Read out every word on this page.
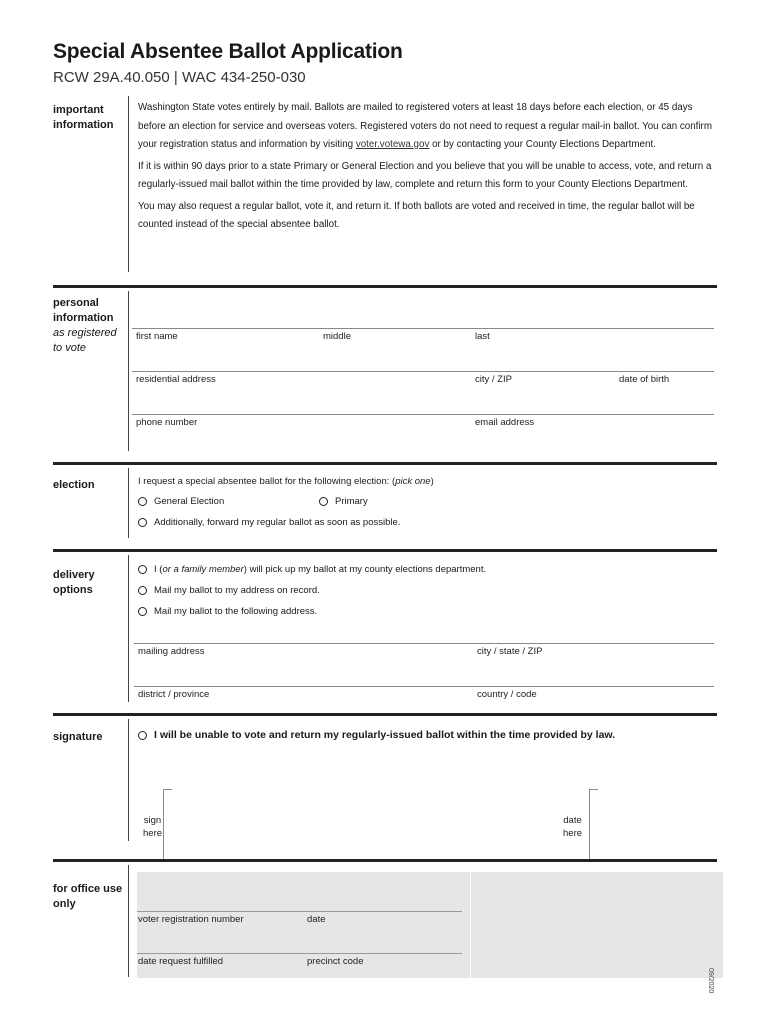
Special Absentee Ballot Application
RCW 29A.40.050 | WAC 434-250-030
important
information

Washington State votes entirely by mail. Ballots are mailed to registered voters at least 18 days before each election, or 45 days before an election for service and overseas voters. Registered voters do not need to request a regular mail-in ballot. You can confirm your registration status and information by visiting voter.votewa.gov or by contacting your County Elections Department.

If it is within 90 days prior to a state Primary or General Election and you believe that you will be unable to access, vote, and return a regularly-issued mail ballot within the time provided by law, complete and return this form to your County Elections Department.

You may also request a regular ballot, vote it, and return it. If both ballots are voted and received in time, the regular ballot will be counted instead of the special absentee ballot.

personal
information
as registered
to vote
first name	middle	last
residential address	city / ZIP	date of birth
phone number	email address
election	I request a special absentee ballot for the following election: (pick one)
General Election	Primary
Additionally, forward my regular ballot as soon as possible.
delivery
options
I (or a family member) will pick up my ballot at my county elections department.
Mail my ballot to my address on record.
Mail my ballot to the following address.
mailing address	city / state / ZIP
district / province	country / code
signature	I will be unable to vote and return my regularly-issued ballot within the time provided by law.
sign
here
date
here
for office use
only
voter registration number	date
date request fulfilled	precinct code
09/2020
